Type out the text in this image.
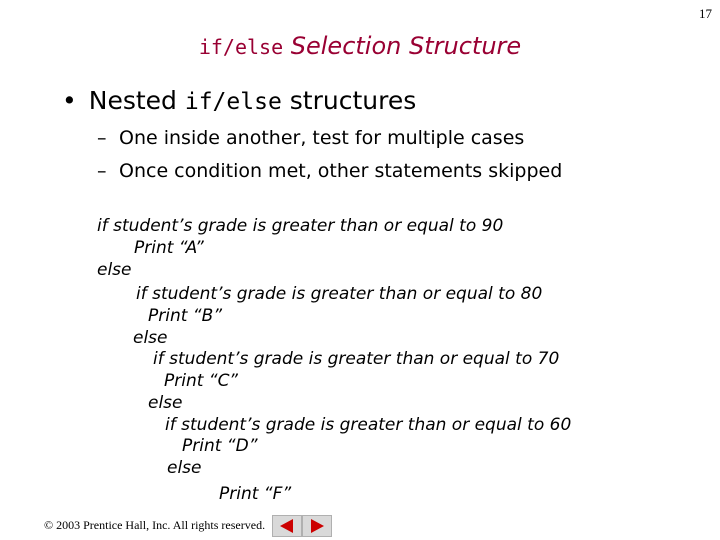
17
if/else Selection Structure
• Nested if/else structures
– One inside another, test for multiple cases
– Once condition met, other statements skipped
if student’s grade is greater than or equal to 90
Print “A”
else
if student’s grade is greater than or equal to 80
Print “B”
else
if student’s grade is greater than or equal to 70
Print “C”
else
if student’s grade is greater than or equal to 60
Print “D”
else
Print “F”
© 2003 Prentice Hall, Inc. All rights reserved.
